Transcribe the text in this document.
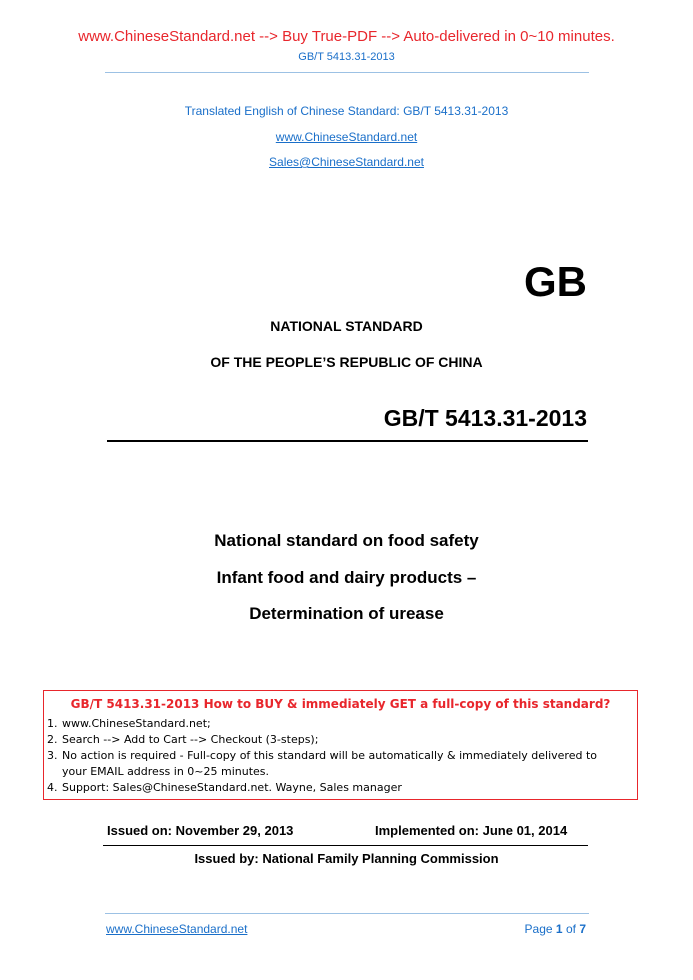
www.ChineseStandard.net --> Buy True-PDF --> Auto-delivered in 0~10 minutes.
GB/T 5413.31-2013
Translated English of Chinese Standard: GB/T 5413.31-2013
www.ChineseStandard.net
Sales@ChineseStandard.net
GB
NATIONAL STANDARD
OF THE PEOPLE’S REPUBLIC OF CHINA
GB/T 5413.31-2013
National standard on food safety
Infant food and dairy products –
Determination of urease
GB/T 5413.31-2013 How to BUY & immediately GET a full-copy of this standard?
1. www.ChineseStandard.net;
2. Search --> Add to Cart --> Checkout (3-steps);
3. No action is required - Full-copy of this standard will be automatically & immediately delivered to
your EMAIL address in 0~25 minutes.
4. Support: Sales@ChineseStandard.net. Wayne, Sales manager
Issued on: November 29, 2013	Implemented on: June 01, 2014
Issued by: National Family Planning Commission
www.ChineseStandard.net	Page 1 of 7
